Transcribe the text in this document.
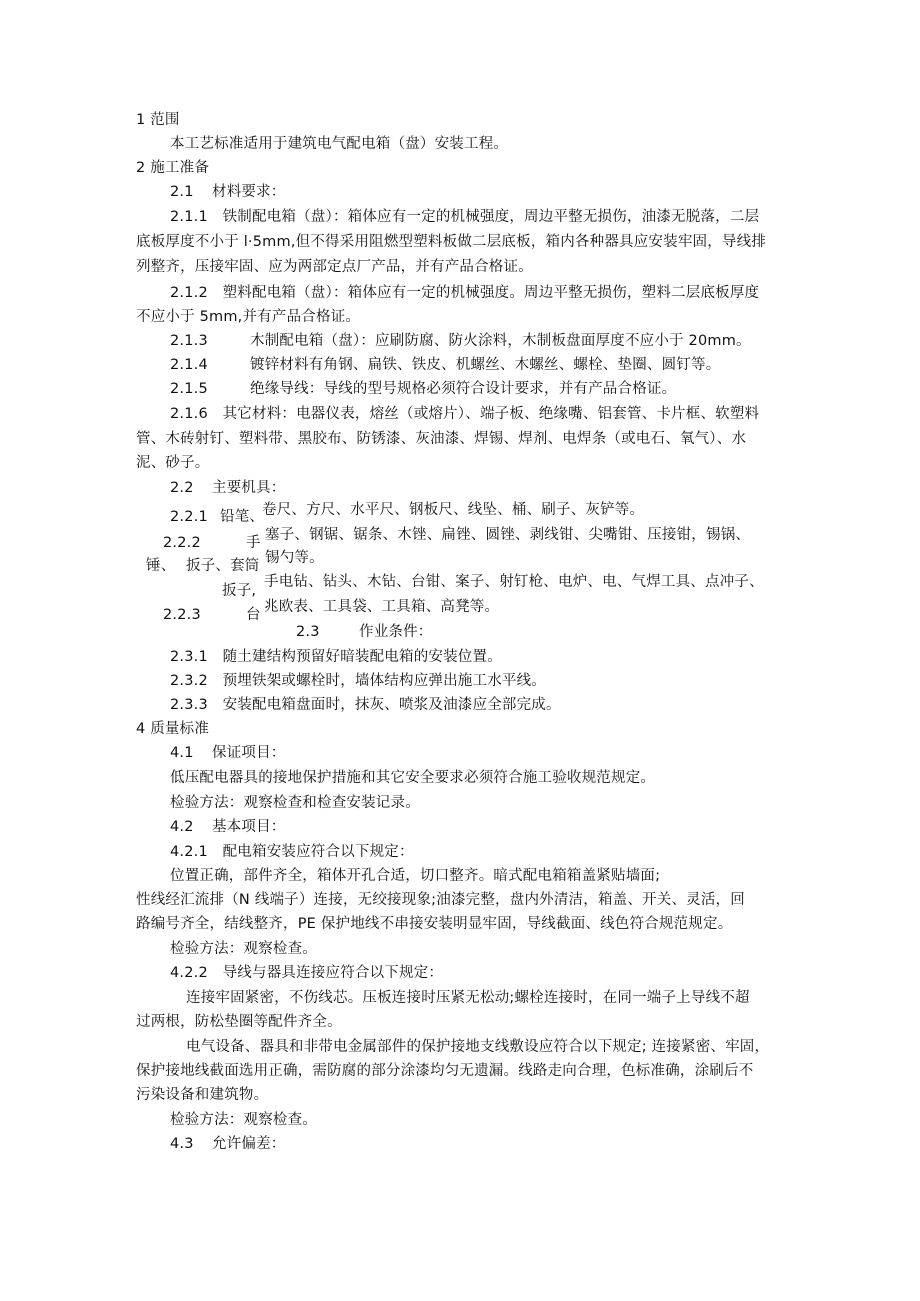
1 范围
本工艺标准适用于建筑电气配电箱（盘）安装工程。
2 施工准备
2.1 材料要求：
2.1.1　铁制配电箱（盘）：箱体应有一定的机械强度，周边平整无损伤，油漆无脱落，二层
底板厚度不小于 l·5mm,但不得采用阻燃型塑料板做二层底板，箱内各种器具应安装牢固，导线排
列整齐，压接牢固、应为两部定点厂产品，并有产品合格证。
2.1.2　塑料配电箱（盘）：箱体应有一定的机械强度。周边平整无损伤，塑料二层底板厚度
不应小于 5mm,并有产品合格证。
2.1.3	木制配电箱（盘）：应刷防腐、防火涂料，木制板盘面厚度不应小于 20mm。
2.1.4	镀锌材料有角钢、扁铁、铁皮、机螺丝、木螺丝、螺栓、垫圈、圆钉等。
2.1.5	绝缘导线：导线的型号规格必须符合设计要求，并有产品合格证。
2.1.6　其它材料：电器仪表，熔丝（或熔片）、端子板、绝缘嘴、铝套管、卡片框、软塑料
管、木砖射钉、塑料带、黑胶布、防锈漆、灰油漆、焊锡、焊剂、电焊条（或电石、氧气）、水
泥、砂子。
2.2 主要机具：
2.2.1 铅笔、
卷尺、方尺、水平尺、钢板尺、线坠、桶、刷子、灰铲等。
2.2.2	手 塞子、钢锯、锯条、木锉、扁锉、圆锉、剥线钳、尖嘴钳、压接钳，锡锅、
锤、 扳子、套筒 锡勺等。
扳子,
手电钻、钻头、木钻、台钳、案子、射钉枪、电炉、电、气焊工具、点冲子、
2.2.3	台 兆欧表、工具袋、工具箱、高凳等。
2.3	作业条件：
2.3.1　随土建结构预留好暗装配电箱的安装位置。
2.3.2　预埋铁架或螺栓时，墙体结构应弹出施工水平线。
2.3.3　安装配电箱盘面时，抹灰、喷浆及油漆应全部完成。
4 质量标准
4.1 保证项目：
低压配电器具的接地保护措施和其它安全要求必须符合施工验收规范规定。
检验方法：观察检查和检查安装记录。
4.2 基本项目：
4.2.1　配电箱安装应符合以下规定：
位置正确，部件齐全，箱体开孔合适，切口整齐。暗式配电箱箱盖紧贴墙面;
性线经汇流排（N 线端子）连接，无绞接现象;油漆完整，盘内外清洁，箱盖、开关、灵活，回
路编号齐全，结线整齐，PE 保护地线不串接安装明显牢固，导线截面、线色符合规范规定。
检验方法：观察检查。
4.2.2　导线与器具连接应符合以下规定：
连接牢固紧密，不伤线芯。压板连接时压紧无松动;螺栓连接时，在同一端子上导线不超
过两根，防松垫圈等配件齐全。
电气设备、器具和非带电金属部件的保护接地支线敷设应符合以下规定; 连接紧密、牢固，
保护接地线截面选用正确，需防腐的部分涂漆均匀无遗漏。线路走向合理，色标准确，涂刷后不
污染设备和建筑物。
检验方法：观察检查。
4.3 允许偏差：
